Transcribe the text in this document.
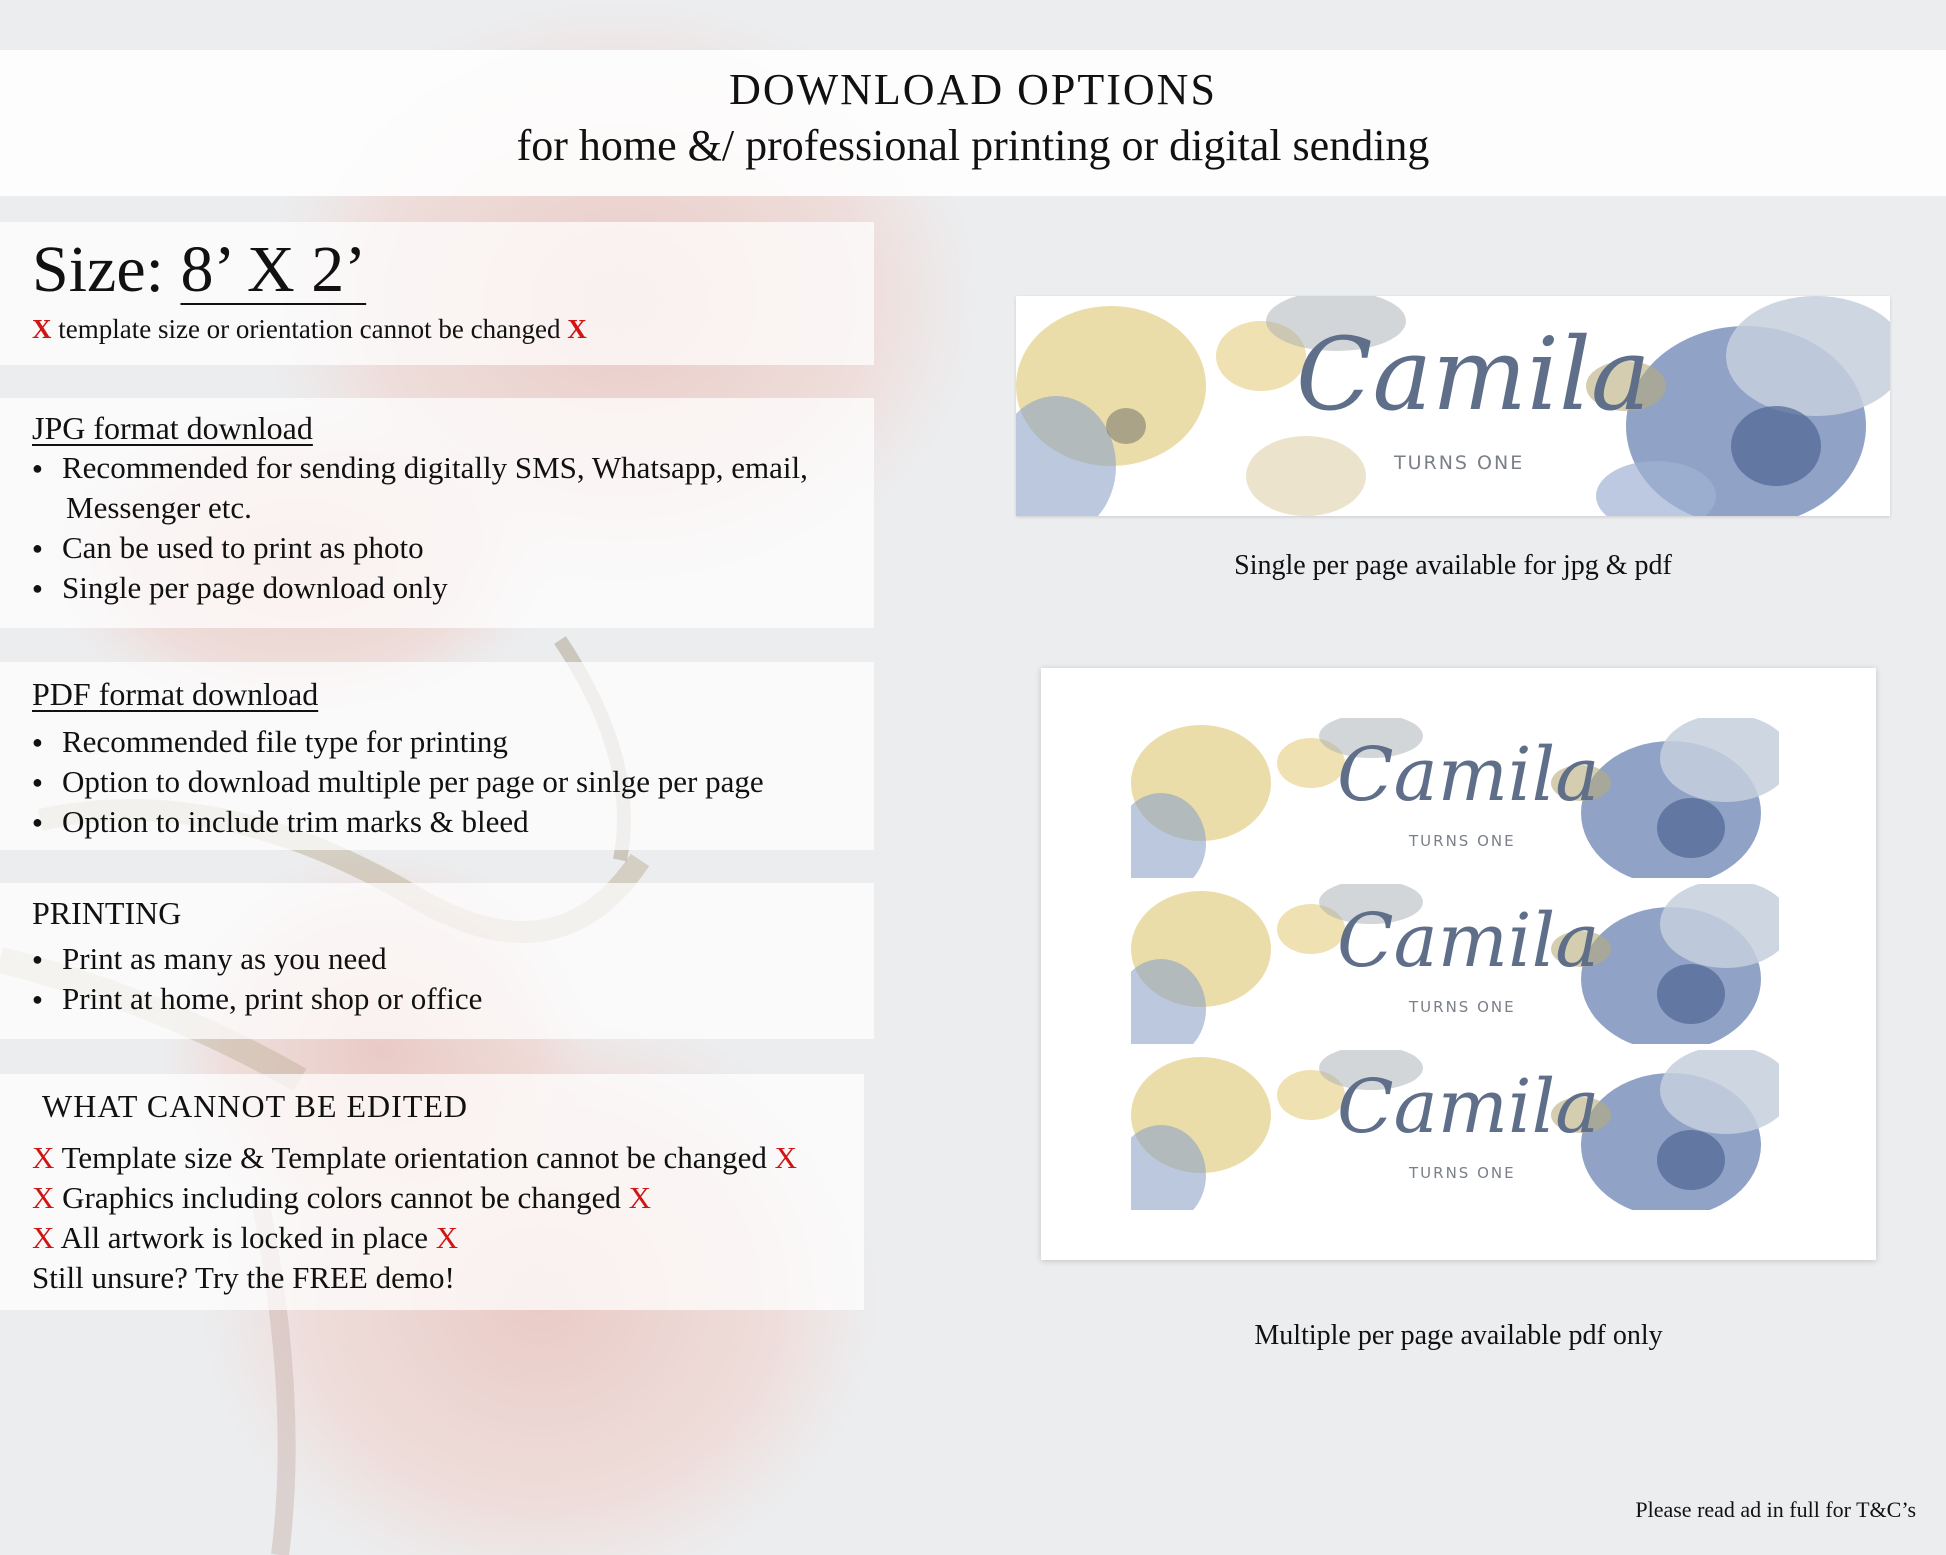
DOWNLOAD OPTIONS
for home &/ professional printing or digital sending
Size: 8’ X 2’
X template size or orientation cannot be changed X
JPG format download
● Recommended for sending digitally SMS, Whatsapp, email,
Messenger etc.
● Can be used to print as photo
● Single per page download only
PDF format download
● Recommended file type for printing
● Option to download multiple per page or sinlge per page
● Option to include trim marks & bleed
PRINTING
● Print as many as you need
● Print at home, print shop or office
WHAT CANNOT BE EDITED
X Template size & Template orientation cannot be changed X
X Graphics including colors cannot be changed X
X All artwork is locked in place X
Still unsure? Try the FREE demo!
Camila
TURNS ONE
Single per page available for jpg & pdf
Camila
TURNS ONE
Camila
TURNS ONE
Camila
TURNS ONE
Multiple per page available pdf only
Please read ad in full for T&C’s
